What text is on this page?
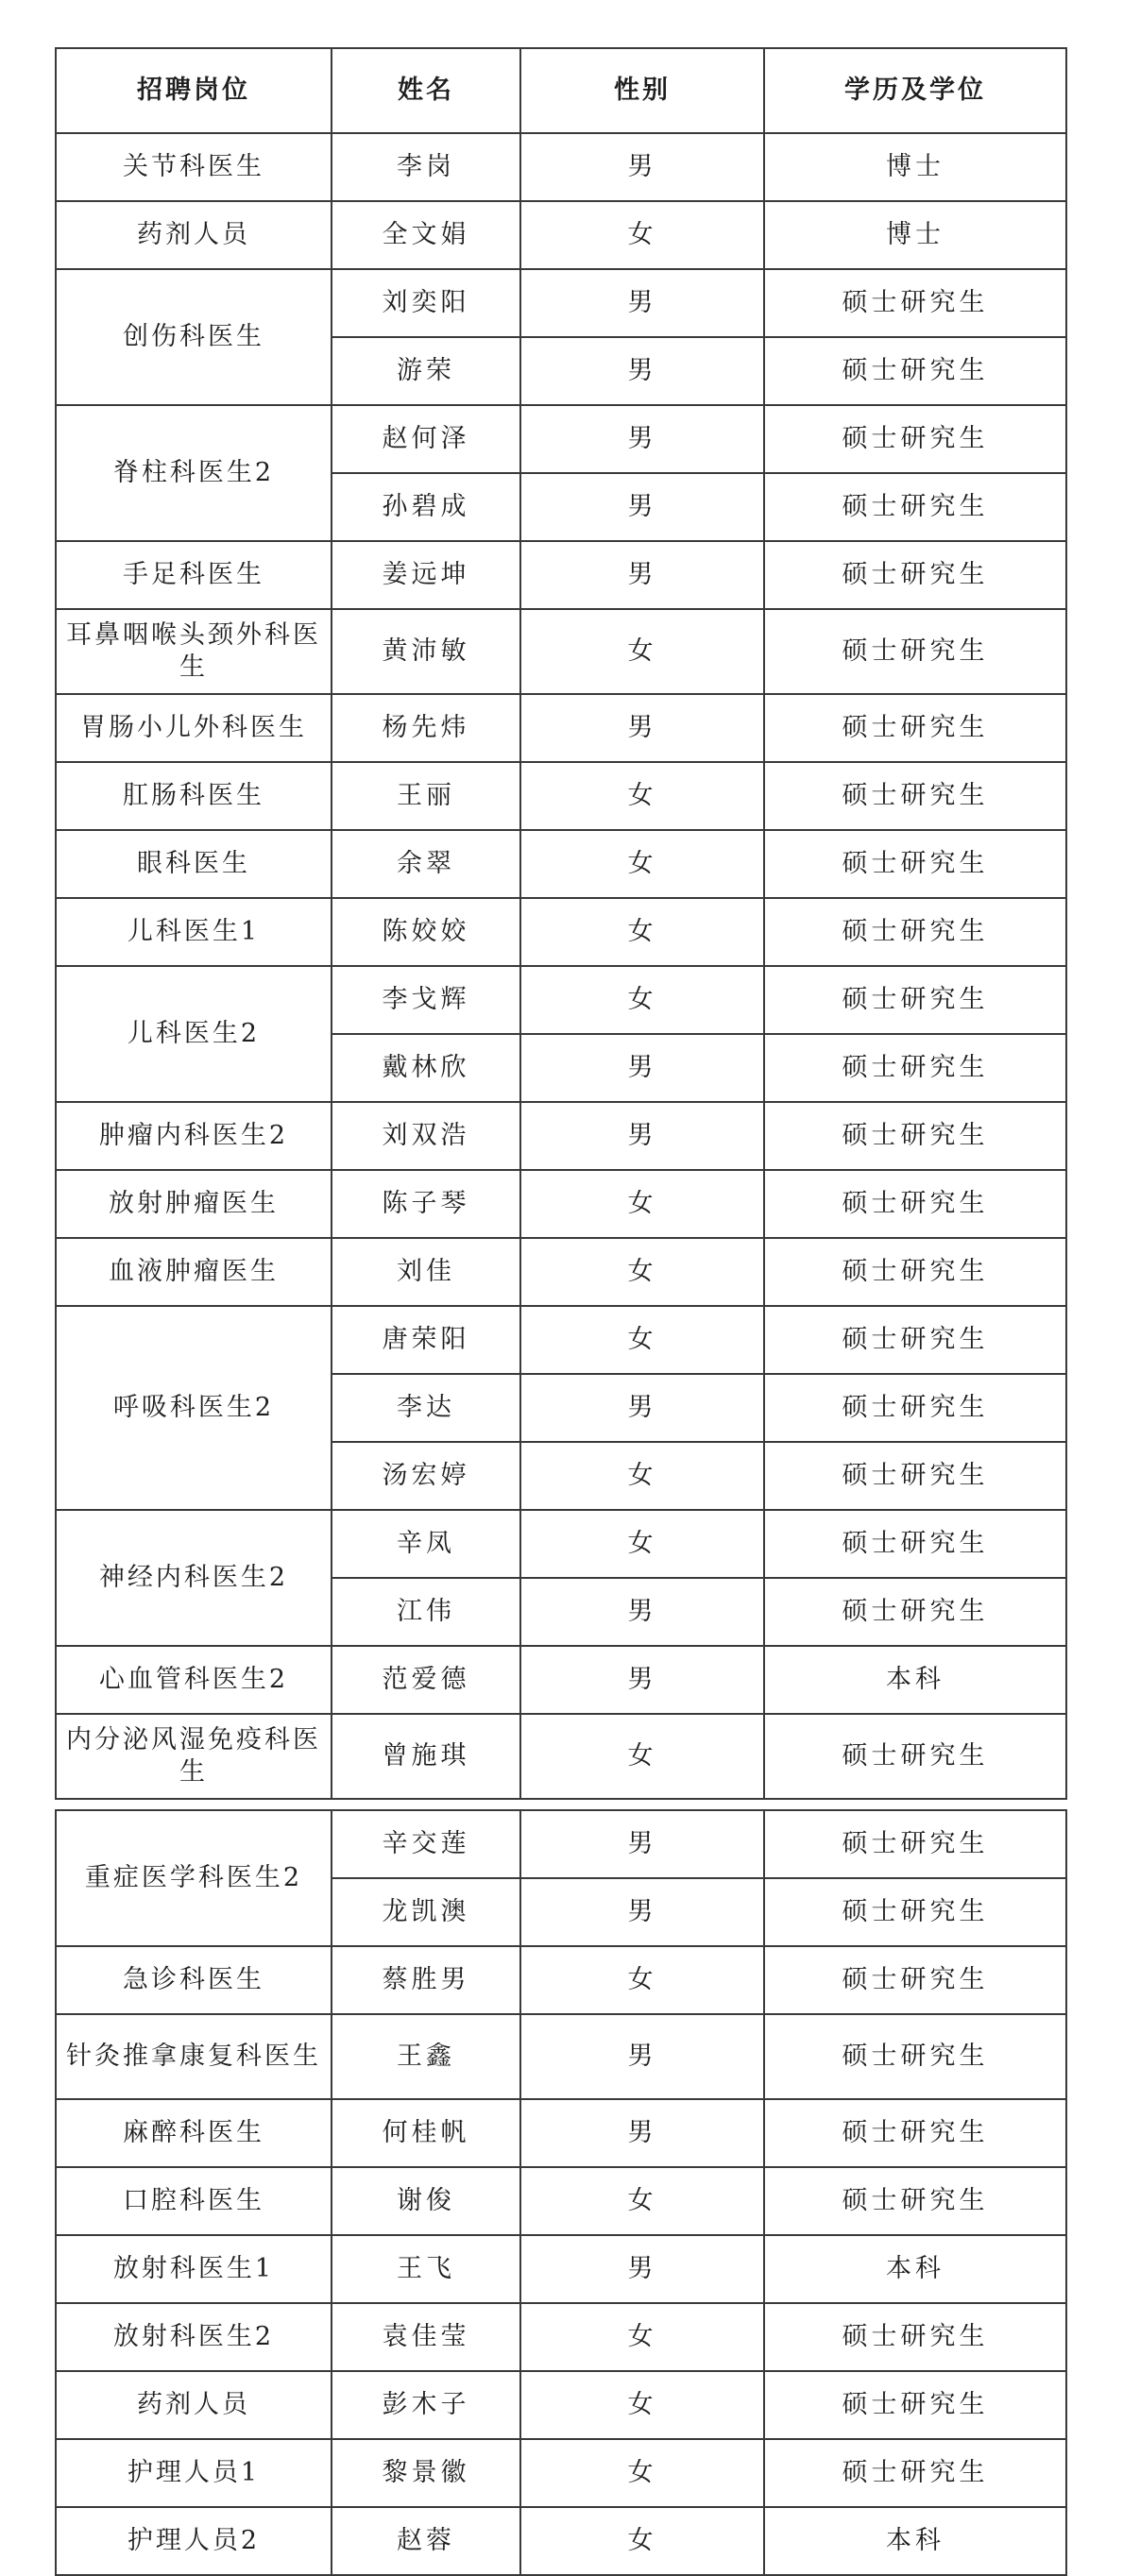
招聘岗位	姓名	性别	学历及学位
关节科医生	李岗	男	博士
药剂人员	全文娟	女	博士
创伤科医生	刘奕阳	男	硕士研究生
	游荣	男	硕士研究生
脊柱科医生2	赵何泽	男	硕士研究生
	孙碧成	男	硕士研究生
手足科医生	姜远坤	男	硕士研究生
耳鼻咽喉头颈外科医生	黄沛敏	女	硕士研究生
胃肠小儿外科医生	杨先炜	男	硕士研究生
肛肠科医生	王丽	女	硕士研究生
眼科医生	余翠	女	硕士研究生
儿科医生1	陈姣姣	女	硕士研究生
儿科医生2	李戈辉	女	硕士研究生
	戴林欣	男	硕士研究生
肿瘤内科医生2	刘双浩	男	硕士研究生
放射肿瘤医生	陈子琴	女	硕士研究生
血液肿瘤医生	刘佳	女	硕士研究生
呼吸科医生2	唐荣阳	女	硕士研究生
	李达	男	硕士研究生
	汤宏婷	女	硕士研究生
神经内科医生2	辛凤	女	硕士研究生
	江伟	男	硕士研究生
心血管科医生2	范爱德	男	本科
内分泌风湿免疫科医生	曾施琪	女	硕士研究生
重症医学科医生2	辛交莲	男	硕士研究生
	龙凯澳	男	硕士研究生
急诊科医生	蔡胜男	女	硕士研究生
针灸推拿康复科医生	王鑫	男	硕士研究生
麻醉科医生	何桂帆	男	硕士研究生
口腔科医生	谢俊	女	硕士研究生
放射科医生1	王飞	男	本科
放射科医生2	袁佳莹	女	硕士研究生
药剂人员	彭木子	女	硕士研究生
护理人员1	黎景徽	女	硕士研究生
护理人员2	赵蓉	女	本科
